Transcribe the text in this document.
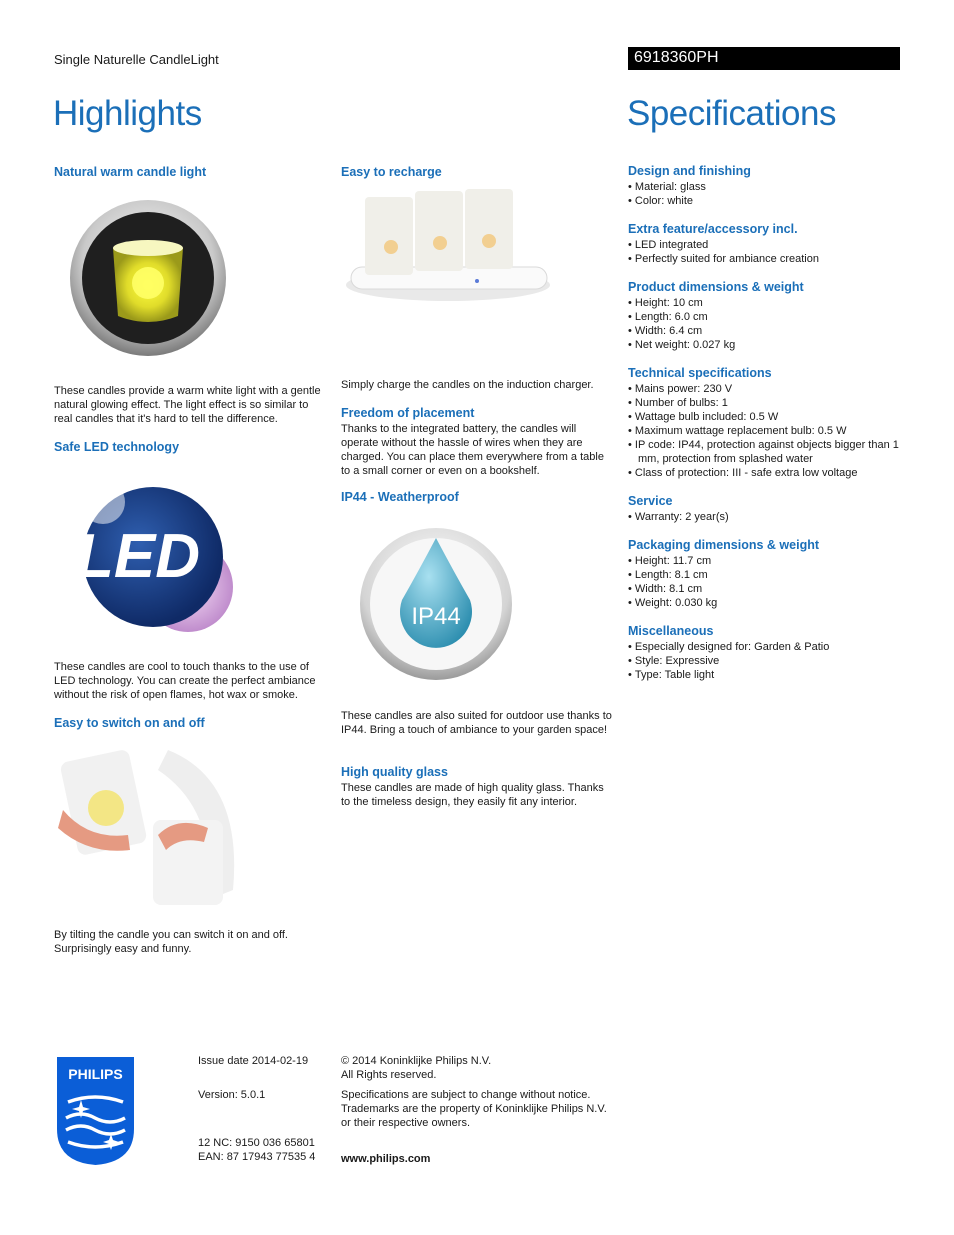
Single Naturelle CandleLight	6918360PH
Highlights	Specifications

Natural warm candle light

These candles provide a warm white light with a gentle natural glowing effect. The light effect is so similar to real candles that it's hard to tell the difference.

Safe LED technology

LED

These candles are cool to touch thanks to the use of LED technology. You can create the perfect ambiance without the risk of open flames, hot wax or smoke.

Easy to switch on and off

By tilting the candle you can switch it on and off. Surprisingly easy and funny.

Easy to recharge

Simply charge the candles on the induction charger.

Freedom of placement

Thanks to the integrated battery, the candles will operate without the hassle of wires when they are charged. You can place them everywhere from a table to a small corner or even on a bookshelf.

IP44 - Weatherproof

IP44

These candles are also suited for outdoor use thanks to IP44. Bring a touch of ambiance to your garden space!

High quality glass

These candles are made of high quality glass. Thanks to the timeless design, they easily fit any interior.

Design and finishing

• Material: glass
• Color: white

Extra feature/accessory incl.

• LED integrated
• Perfectly suited for ambiance creation

Product dimensions & weight

• Height: 10 cm
• Length: 6.0 cm
• Width: 6.4 cm
• Net weight: 0.027 kg

Technical specifications

• Mains power: 230 V
• Number of bulbs: 1
• Wattage bulb included: 0.5 W
• Maximum wattage replacement bulb: 0.5 W
• IP code: IP44, protection against objects bigger than 1 mm, protection from splashed water
• Class of protection: III - safe extra low voltage

Service

• Warranty: 2 year(s)

Packaging dimensions & weight

• Height: 11.7 cm
• Length: 8.1 cm
• Width: 8.1 cm
• Weight: 0.030 kg

Miscellaneous

• Especially designed for: Garden & Patio
• Style: Expressive
• Type: Table light
PHILIPS

Issue date 2014-02-19

Version: 5.0.1

12 NC: 9150 036 65801

EAN: 87 17943 77535 4

© 2014 Koninklijke Philips N.V.

All Rights reserved.

Specifications are subject to change without notice.

Trademarks are the property of Koninklijke Philips N.V.

or their respective owners.

www.philips.com
